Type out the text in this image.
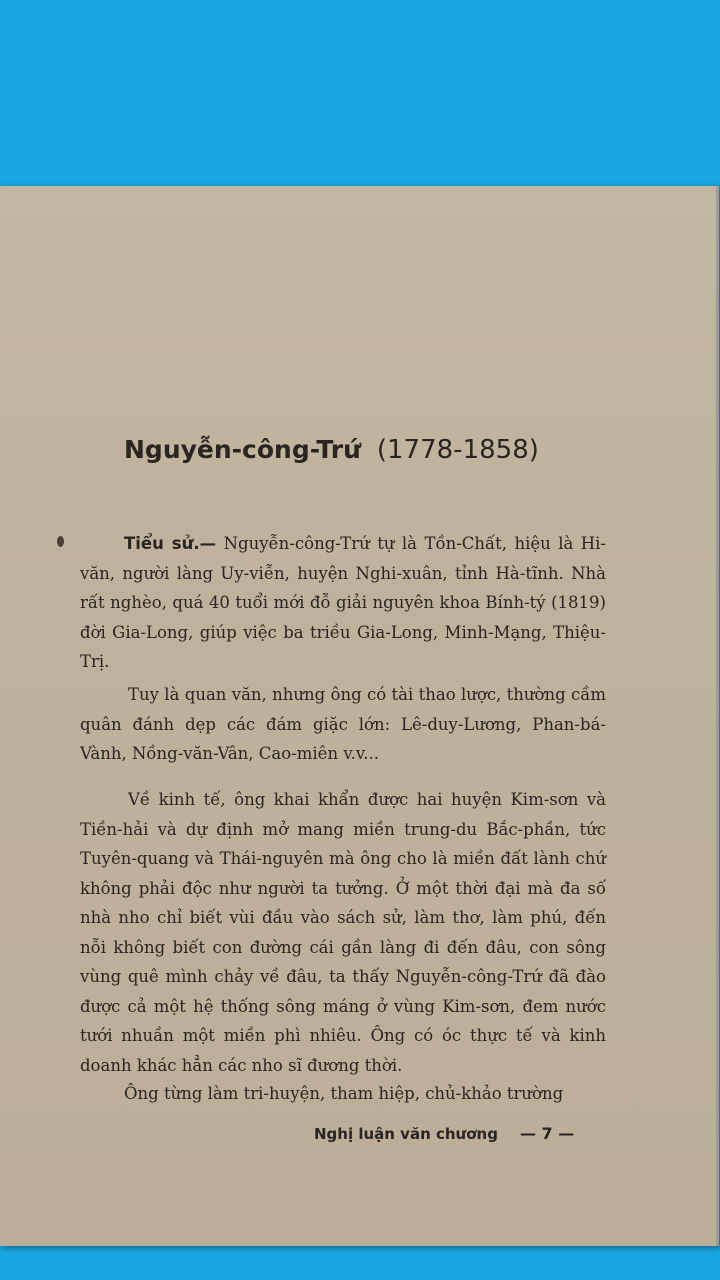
Nguyễn-công-Trứ (1778-1858)

Tiểu sử.— Nguyễn-công-Trứ tự là Tồn-Chất, hiệu là Hi-văn, người làng Uy-viễn, huyện Nghi-xuân, tỉnh Hà-tĩnh. Nhà rất nghèo, quá 40 tuổi mới đỗ giải nguyên khoa Bính-tý (1819) đời Gia-Long, giúp việc ba triều Gia-Long, Minh-Mạng, Thiệu-Trị.

Tuy là quan văn, nhưng ông có tài thao lược, thường cầm quân đánh dẹp các đám giặc lớn: Lê-duy-Lương, Phan-bá-Vành, Nồng-văn-Vân, Cao-miên v.v...

Về kinh tế, ông khai khẩn được hai huyện Kim-sơn và Tiền-hải và dự định mở mang miền trung-du Bắc-phần, tức Tuyên-quang và Thái-nguyên mà ông cho là miền đất lành chứ không phải độc như người ta tưởng. Ở một thời đại mà đa số nhà nho chỉ biết vùi đầu vào sách sử, làm thơ, làm phú, đến nỗi không biết con đường cái gần làng đi đến đâu, con sông vùng quê mình chảy về đâu, ta thấy Nguyễn-công-Trứ đã đào được cả một hệ thống sông máng ở vùng Kim-sơn, đem nước tưới nhuần một miền phì nhiêu. Ông có óc thực tế và kinh doanh khác hẳn các nho sĩ đương thời.

Ông từng làm tri-huyện, tham hiệp, chủ-khảo trường

Nghị luận văn chương — 7 —
